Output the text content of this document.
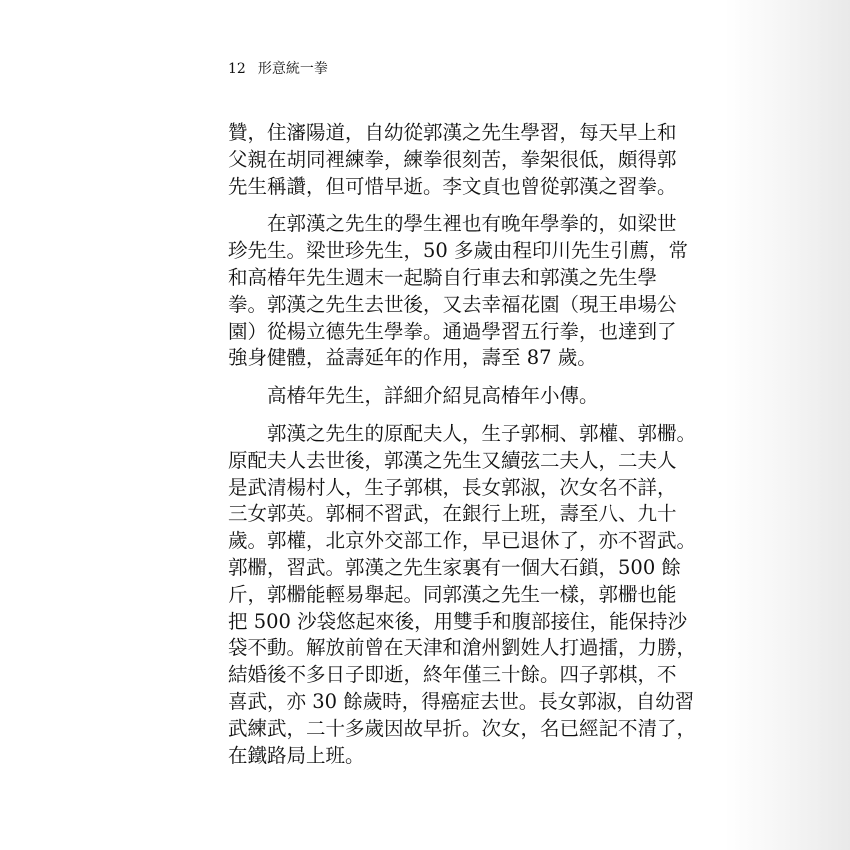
12 形意統一拳
贊，住瀋陽道，自幼從郭漢之先生學習，每天早上和
父親在胡同裡練拳，練拳很刻苦，拳架很低，頗得郭
先生稱讚，但可惜早逝。李文貞也曾從郭漢之習拳。
在郭漢之先生的學生裡也有晚年學拳的，如梁世
珍先生。梁世珍先生，50 多歲由程印川先生引薦，常
和高椿年先生週末一起騎自行車去和郭漢之先生學
拳。郭漢之先生去世後，又去幸福花園（現王串場公
園）從楊立德先生學拳。通過學習五行拳，也達到了
強身健體，益壽延年的作用，壽至 87 歲。
高椿年先生，詳細介紹見高椿年小傳。
郭漢之先生的原配夫人，生子郭桐、郭權、郭𣝗。
原配夫人去世後，郭漢之先生又續弦二夫人，二夫人
是武清楊村人，生子郭棋，長女郭淑，次女名不詳，
三女郭英。郭桐不習武，在銀行上班，壽至八、九十
歲。郭權，北京外交部工作，早已退休了，亦不習武。
郭𣝗，習武。郭漢之先生家裏有一個大石鎖，500 餘
斤，郭𣝗能輕易舉起。同郭漢之先生一樣，郭𣝗也能
把 500 沙袋悠起來後，用雙手和腹部接住，能保持沙
袋不動。解放前曾在天津和滄州劉姓人打過擂，力勝，
結婚後不多日子即逝，終年僅三十餘。四子郭棋，不
喜武，亦 30 餘歲時，得癌症去世。長女郭淑，自幼習
武練武，二十多歲因故早折。次女，名已經記不清了，
在鐵路局上班。
